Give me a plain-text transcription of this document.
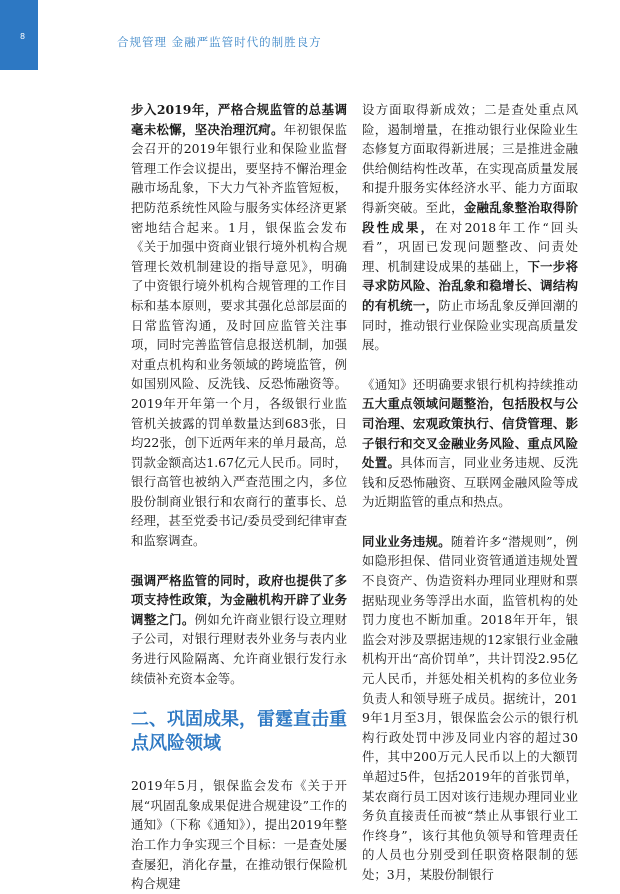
8	合规管理 金融严监管时代的制胜良方

步入2019年，严格合规监管的总基调毫未松懈，坚决治理沉疴。年初银保监会召开的2019年银行业和保险业监督管理工作会议提出，要坚持不懈治理金融市场乱象，下大力气补齐监管短板，把防范系统性风险与服务实体经济更紧密地结合起来。1月，银保监会发布《关于加强中资商业银行境外机构合规管理长效机制建设的指导意见》，明确了中资银行境外机构合规管理的工作目标和基本原则，要求其强化总部层面的日常监管沟通，及时回应监管关注事项，同时完善监管信息报送机制，加强对重点机构和业务领域的跨境监管，例如国别风险、反洗钱、反恐怖融资等。2019年开年第一个月，各级银行业监管机关披露的罚单数量达到683张，日均22张，创下近两年来的单月最高，总罚款金额高达1.67亿元人民币。同时，银行高管也被纳入严查范围之内，多位股份制商业银行和农商行的董事长、总经理，甚至党委书记/委员受到纪律审查和监察调查。

强调严格监管的同时，政府也提供了多项支持性政策，为金融机构开辟了业务调整之门。例如允许商业银行设立理财子公司，对银行理财表外业务与表内业务进行风险隔离、允许商业银行发行永续债补充资本金等。

二、巩固成果，雷霆直击重点风险领域

2019年5月，银保监会发布《关于开展“巩固乱象成果促进合规建设”工作的通知》（下称《通知》），提出2019年整治工作力争实现三个目标：一是查处屡查屡犯，消化存量，在推动银行保险机构合规建

设方面取得新成效；二是查处重点风险，遏制增量，在推动银行业保险业生态修复方面取得新进展；三是推进金融供给侧结构性改革，在实现高质量发展和提升服务实体经济水平、能力方面取得新突破。至此，金融乱象整治取得阶段性成果，在对2018年工作“回头看”，巩固已发现问题整改、问责处理、机制建设成果的基础上，下一步将寻求防风险、治乱象和稳增长、调结构的有机统一，防止市场乱象反弹回潮的同时，推动银行业保险业实现高质量发展。

《通知》还明确要求银行机构持续推动五大重点领域问题整治，包括股权与公司治理、宏观政策执行、信贷管理、影子银行和交叉金融业务风险、重点风险处置。具体而言，同业业务违规、反洗钱和反恐怖融资、互联网金融风险等成为近期监管的重点和热点。

同业业务违规。随着许多“潜规则”，例如隐形担保、借同业资管通道违规处置不良资产、伪造资料办理同业理财和票据贴现业务等浮出水面，监管机构的处罚力度也不断加重。2018年开年，银监会对涉及票据违规的12家银行业金融机构开出“高价罚单”，共计罚没2.95亿元人民币，并惩处相关机构的多位业务负责人和领导班子成员。据统计，2019年1月至3月，银保监会公示的银行机构行政处罚中涉及同业内容的超过30件，其中200万元人民币以上的大额罚单超过5件，包括2019年的首张罚单，某农商行员工因对该行违规办理同业业务负直接责任而被“禁止从事银行业工作终身”，该行其他负领导和管理责任的人员也分别受到任职资格限制的惩处；3月，某股份制银行
